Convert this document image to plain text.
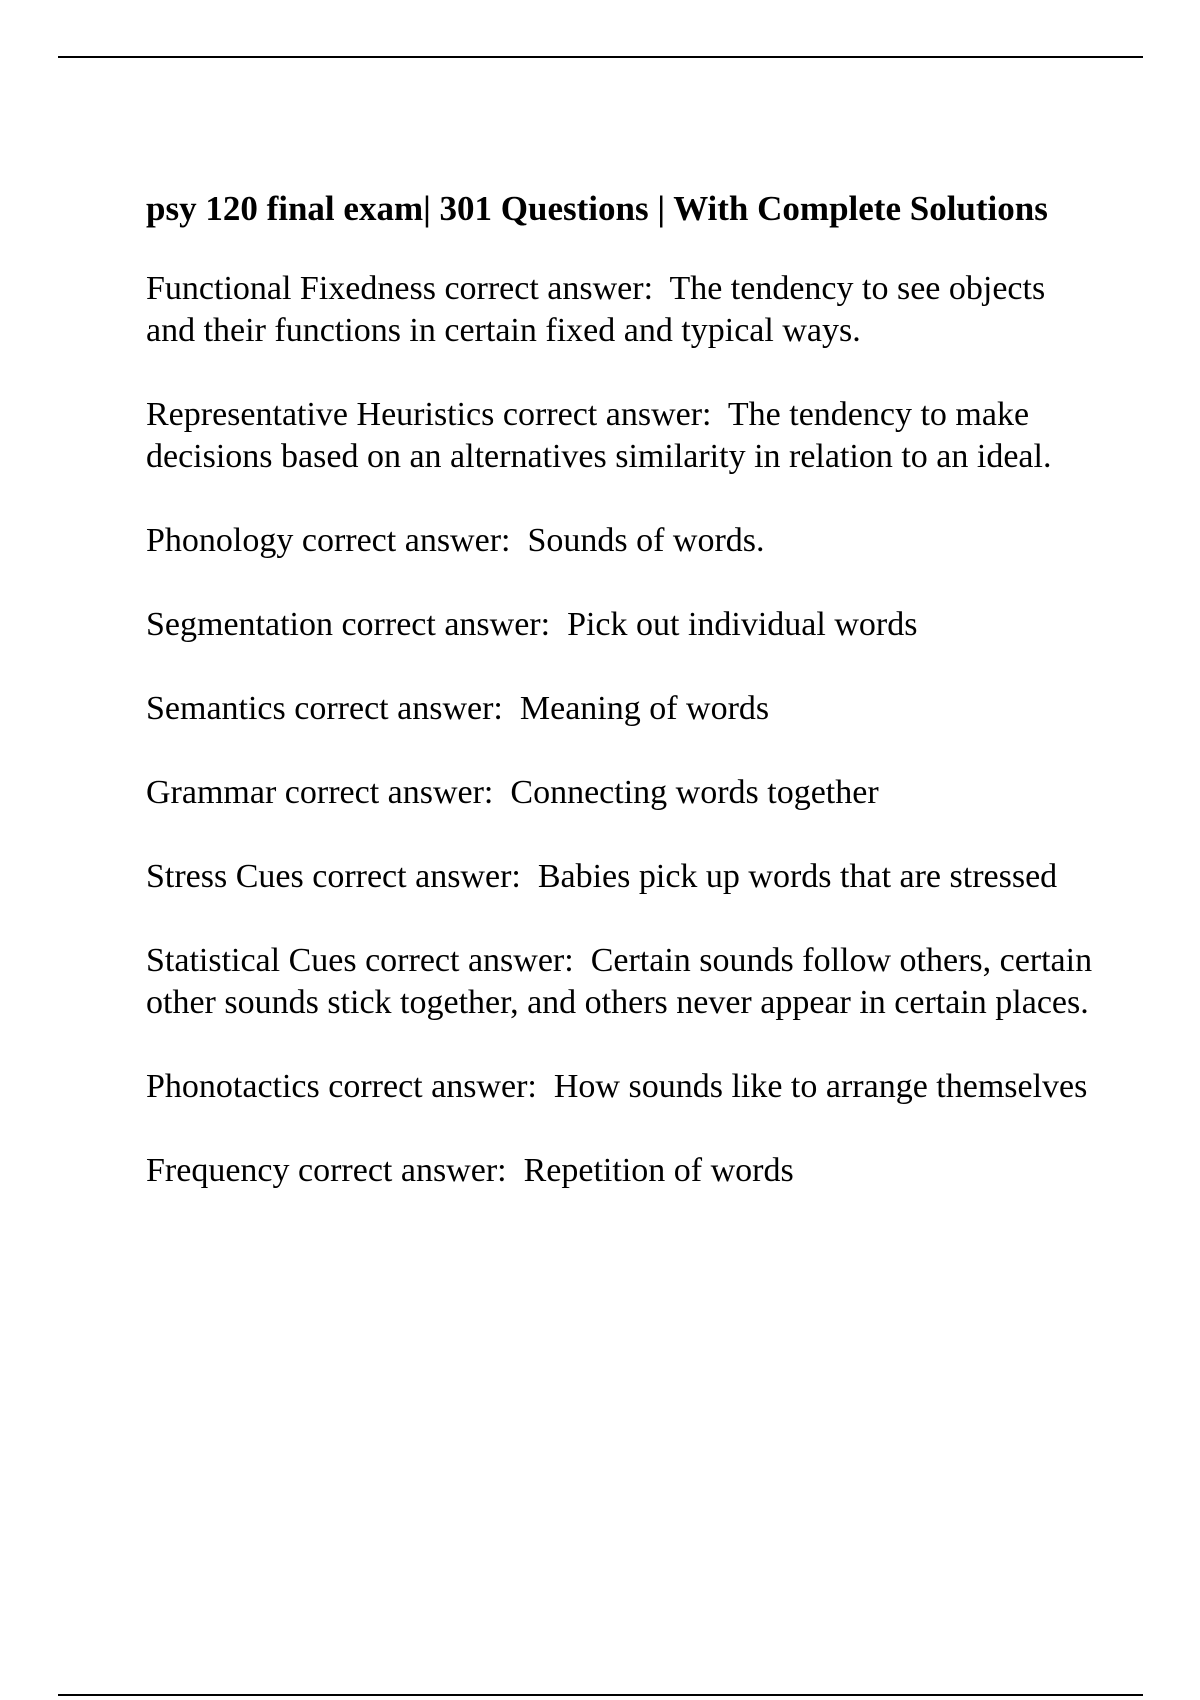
psy 120 final exam| 301 Questions | With Complete Solutions
Functional Fixedness correct answer: The tendency to see objects and their functions in certain fixed and typical ways.
Representative Heuristics correct answer: The tendency to make decisions based on an alternatives similarity in relation to an ideal.
Phonology correct answer: Sounds of words.
Segmentation correct answer: Pick out individual words
Semantics correct answer: Meaning of words
Grammar correct answer: Connecting words together
Stress Cues correct answer: Babies pick up words that are stressed
Statistical Cues correct answer: Certain sounds follow others, certain other sounds stick together, and others never appear in certain places.
Phonotactics correct answer: How sounds like to arrange themselves
Frequency correct answer: Repetition of words
